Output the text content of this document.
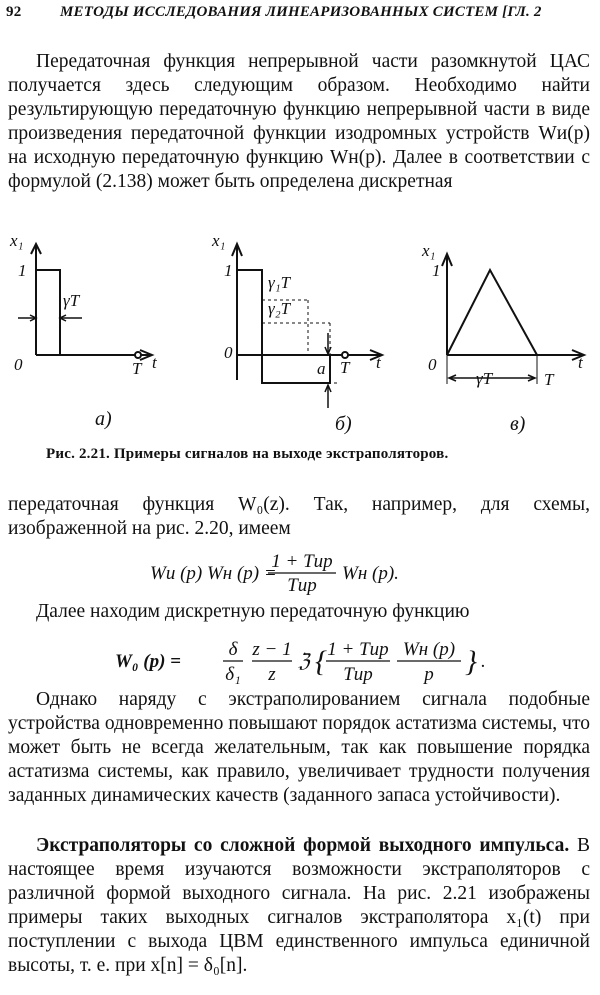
92	МЕТОДЫ ИССЛЕДОВАНИЯ ЛИНЕАРИЗОВАННЫХ СИСТЕМ [ГЛ. 2
Передаточная функция непрерывной части разомкнутой ЦАС получается здесь следующим образом. Необходимо найти результирующую передаточную функцию непрерывной части в виде произведения передаточной функции изодромных устройств Wи(p) на исходную передаточную функцию Wн(p). Далее в соответствии с формулой (2.138) может быть определена дискретная
x₁
t
1
0	T
γT
а)
x₁
t
1
0
T
γ₁T
γ₂T
a
б)
x₁
t
1
0
T
γT
в)
Рис. 2.21. Примеры сигналов на выходе экстраполяторов.
передаточная функция W₀(z). Так, например, для схемы, изображенной на рис. 2.20, имеем
Wи (p) Wн (p) =
1 + Tиp
Tиp
Wн (p).
Далее находим дискретную передаточную функцию
W₀ (p) =
δ
δ₁
z − 1
z
ℨ { 1 + Tиp
Tиp
Wн (p)
p } .
Однако наряду с экстраполированием сигнала подобные устройства одновременно повышают порядок астатизма системы, что может быть не всегда желательным, так как повышение порядка астатизма системы, как правило, увеличивает трудности получения заданных динамических качеств (заданного запаса устойчивости).
Экстраполяторы со сложной формой выходного импульса. В настоящее время изучаются возможности экстраполяторов с различной формой выходного сигнала. На рис. 2.21 изображены примеры таких выходных сигналов экстраполятора x₁(t) при поступлении с выхода ЦВМ единственного импульса единичной высоты, т. е. при x[n] = δ₀[n].
